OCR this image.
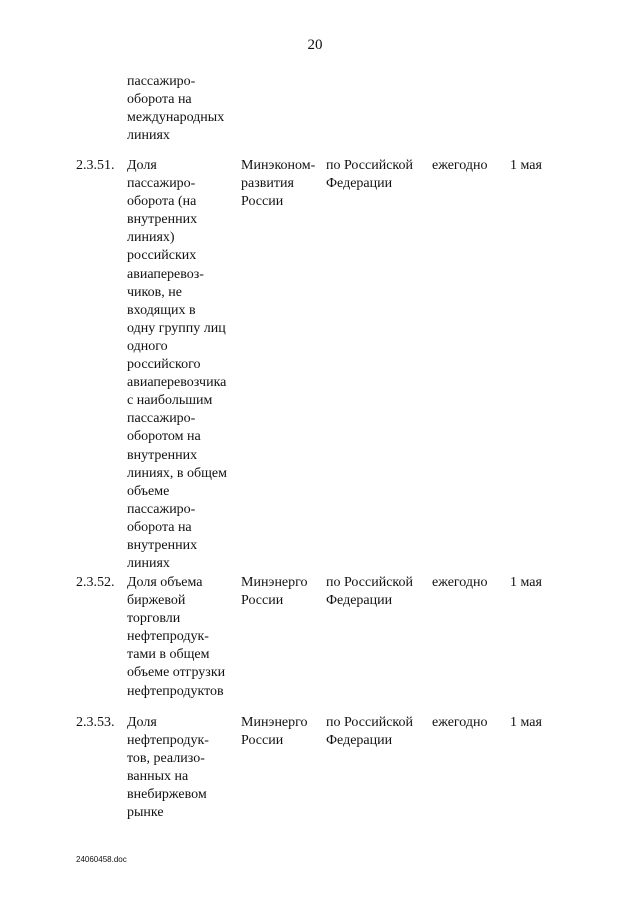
20
пассажиро-
оборота на
международных
линиях
2.3.51. Доля
пассажиро-
оборота (на
внутренних
линиях)
российских
авиаперевоз-
чиков, не
входящих в
одну группу лиц
одного
российского
авиаперевозчика
с наибольшим
пассажиро-
оборотом на
внутренних
линиях, в общем
объеме
пассажиро-
оборота на
внутренних
линиях
Минэконом-
развития
России
по Российской
Федерации
ежегодно 1 мая
2.3.52. Доля объема
биржевой
торговли
нефтепродук-
тами в общем
объеме отгрузки
нефтепродуктов
Минэнерго
России
по Российской
Федерации
ежегодно 1 мая
2.3.53. Доля
нефтепродук-
тов, реализо-
ванных на
внебиржевом
рынке
Минэнерго
России
по Российской
Федерации
ежегодно 1 мая
24060458.doc
